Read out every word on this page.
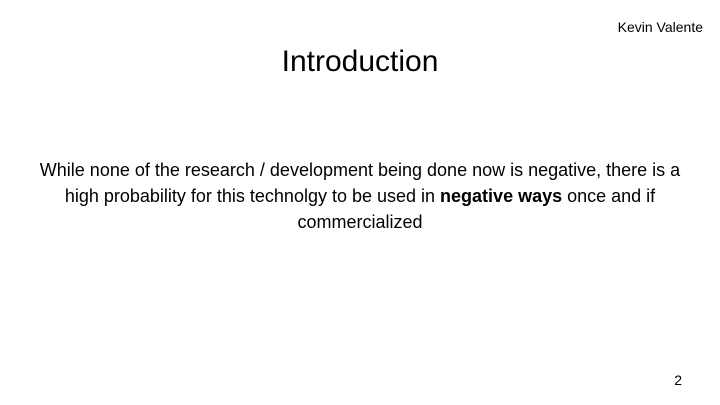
Kevin Valente
Introduction
While none of the research / development being done now is negative, there is a
high probability for this technolgy to be used in negative ways once and if
commercialized
2
